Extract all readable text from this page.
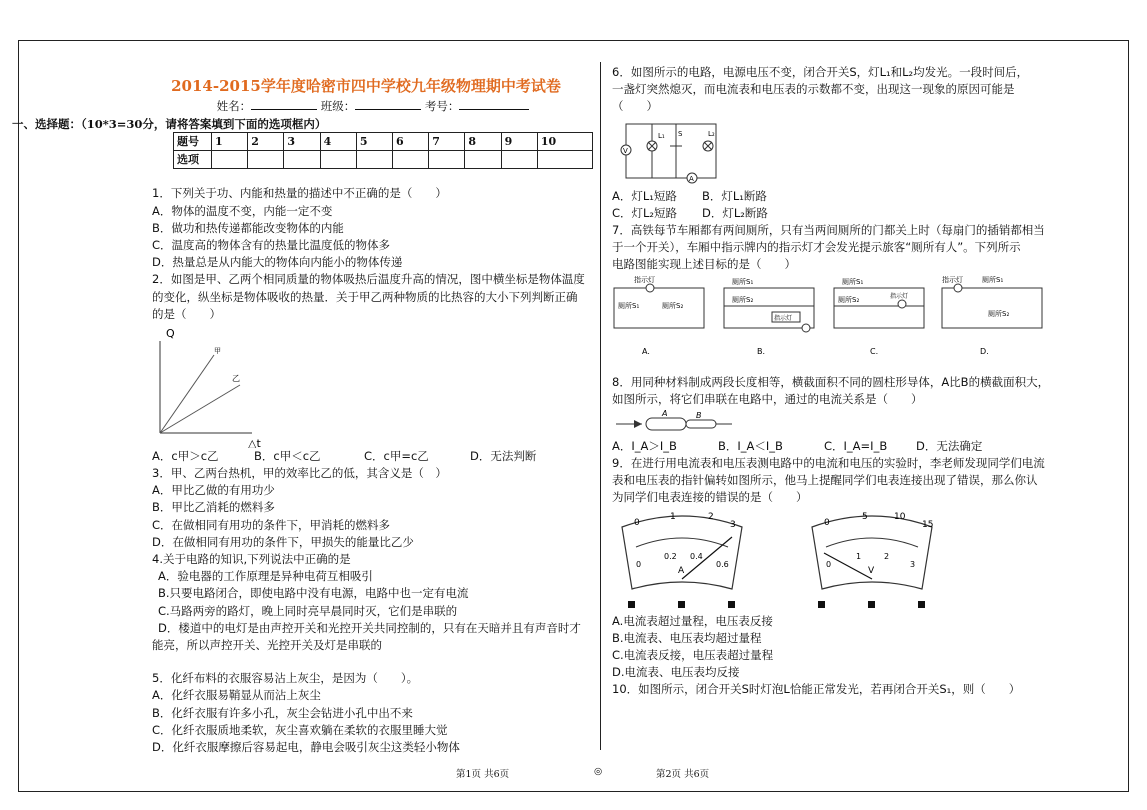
2014-2015学年度哈密市四中学校九年级物理期中考试卷
姓名：	班级：	考号：
一、选择题：（10*3=30分，请将答案填到下面的选项框内）
题号	1	2	3	4	5	6	7	8	9	10
选项										

1．下列关于功、内能和热量的描述中不正确的是（　　）

A．物体的温度不变，内能一定不变

B．做功和热传递都能改变物体的内能

C．温度高的物体含有的热量比温度低的物体多

D．热量总是从内能大的物体向内能小的物体传递

2．如图是甲、乙两个相同质量的物体吸热后温度升高的情况，图中横坐标是物体温度

的变化，纵坐标是物体吸收的热量．关于甲乙两种物质的比热容的大小下列判断正确

的是（　　）

Q
甲
乙
△t
A．c甲＞c乙	B．c甲＜c乙	C．c甲=c乙	D．无法判断

3．甲、乙两台热机，甲的效率比乙的低，其含义是（　）

A．甲比乙做的有用功少

B．甲比乙消耗的燃料多

C．在做相同有用功的条件下，甲消耗的燃料多

D．在做相同有用功的条件下，甲损失的能量比乙少

4.关于电路的知识,下列说法中正确的是

A．验电器的工作原理是异种电荷互相吸引

B.只要电路闭合，即使电路中没有电源，电路中也一定有电流

C.马路两旁的路灯，晚上同时亮早晨同时灭，它们是串联的

D．楼道中的电灯是由声控开关和光控开关共同控制的，只有在天暗并且有声音时才

能亮，所以声控开关、光控开关及灯是串联的

5．化纤布料的衣服容易沾上灰尘，是因为（　　）。

A．化纤衣服易鞘显从而沾上灰尘

B．化纤衣服有许多小孔，灰尘会钻进小孔中出不来

C．化纤衣服质地柔软，灰尘喜欢躺在柔软的衣服里睡大觉

D．化纤衣服摩擦后容易起电，静电会吸引灰尘这类轻小物体

6．如图所示的电路，电源电压不变，闭合开关S，灯L₁和L₂均发光。一段时间后，

一盏灯突然熄灭，而电流表和电压表的示数都不变，出现这一现象的原因可能是

（　　）

V
L₁ S	L₂
A
A．灯L₁短路	B．灯L₁断路
C．灯L₂短路	D．灯L₂断路

7．高铁每节车厢都有两间厕所，只有当两间厕所的门都关上时（每扇门的插销都相当

于一个开关），车厢中指示牌内的指示灯才会发光提示旅客“厕所有人”。下列所示

电路图能实现上述目标的是（　　）

指示灯
厕所S₁	厕所S₂
A.
厕所S₁
厕所S₂
指示灯
B.
厕所S₁
厕所S₂	指示灯
C.
指示灯	厕所S₁
厕所S₂
D.

8．用同种材料制成两段长度相等，横截面积不同的圆柱形导体，A比B的横截面积大，

如图所示，将它们串联在电路中，通过的电流关系是（　　）

A	B
A．I_A＞I_B	B．I_A＜I_B	C．I_A=I_B	D．无法确定

9．在进行用电流表和电压表测电路中的电流和电压的实验时，李老师发现同学们电流

表和电压表的指针偏转如图所示，他马上提醒同学们电表连接出现了错误，那么你认

为同学们电表连接的错误的是（　　）

0
1	2
3
0
0.2 0.4
0.6
A
0
5	10
15
0
1	2
3
V

A.电流表超过量程，电压表反接

B.电流表、电压表均超过量程

C.电流表反接，电压表超过量程

D.电流表、电压表均反接

10．如图所示，闭合开关S时灯泡L恰能正常发光，若再闭合开关S₁，则（　　）

第1页 共6页	◎	第2页 共6页
